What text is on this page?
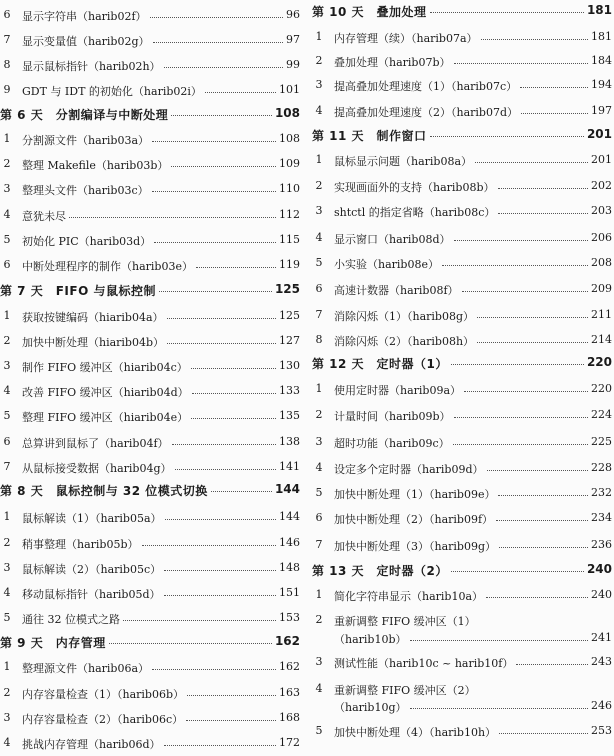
6	显示字符串（harib02f）	96
7	显示变量值（harib02g）	97
8	显示鼠标指针（harib02h）	99
9	GDT 与 IDT 的初始化（harib02i）	101
第 6 天　分割编译与中断处理	108
1	分割源文件（harib03a）	108
2	整理 Makefile（harib03b）	109
3	整理头文件（harib03c）	110
4	意犹未尽	112
5	初始化 PIC（harib03d）	115
6	中断处理程序的制作（harib03e）	119
第 7 天　FIFO 与鼠标控制	125
1	获取按键编码（hiarib04a）	125
2	加快中断处理（hiarib04b）	127
3	制作 FIFO 缓冲区（hiarib04c）	130
4	改善 FIFO 缓冲区（hiarib04d）	133
5	整理 FIFO 缓冲区（hiarib04e）	135
6	总算讲到鼠标了（harib04f）	138
7	从鼠标接受数据（harib04g）	141
第 8 天　鼠标控制与 32 位模式切换	144
1	鼠标解读（1）（harib05a）	144
2	稍事整理（harib05b）	146
3	鼠标解读（2）（harib05c）	148
4	移动鼠标指针（harib05d）	151
5	通往 32 位模式之路	153
第 9 天　内存管理	162
1	整理源文件（harib06a）	162
2	内存容量检查（1）（harib06b）	163
3	内存容量检查（2）（harib06c）	168
4	挑战内存管理（harib06d）	172
第 10 天　叠加处理	181
1	内存管理（续）（harib07a）	181
2	叠加处理（harib07b）	184
3	提高叠加处理速度（1）（harib07c）	194
4	提高叠加处理速度（2）（harib07d）	197
第 11 天　制作窗口	201
1	鼠标显示问题（harib08a）	201
2	实现画面外的支持（harib08b）	202
3	shtctl 的指定省略（harib08c）	203
4	显示窗口（harib08d）	206
5	小实验（harib08e）	208
6	高速计数器（harib08f）	209
7	消除闪烁（1）（harib08g）	211
8	消除闪烁（2）（harib08h）	214
第 12 天　定时器（1）	220
1	使用定时器（harib09a）	220
2	计量时间（harib09b）	224
3	超时功能（harib09c）	225
4	设定多个定时器（harib09d）	228
5	加快中断处理（1）（harib09e）	232
6	加快中断处理（2）（harib09f）	234
7	加快中断处理（3）（harib09g）	236
第 13 天　定时器（2）	240
1	简化字符串显示（harib10a）	240
2	重新调整 FIFO 缓冲区（1）
（harib10b）	241
3	测试性能（harib10c ~ harib10f）	243
4	重新调整 FIFO 缓冲区（2）
（harib10g）	246
5	加快中断处理（4）（harib10h）	253
